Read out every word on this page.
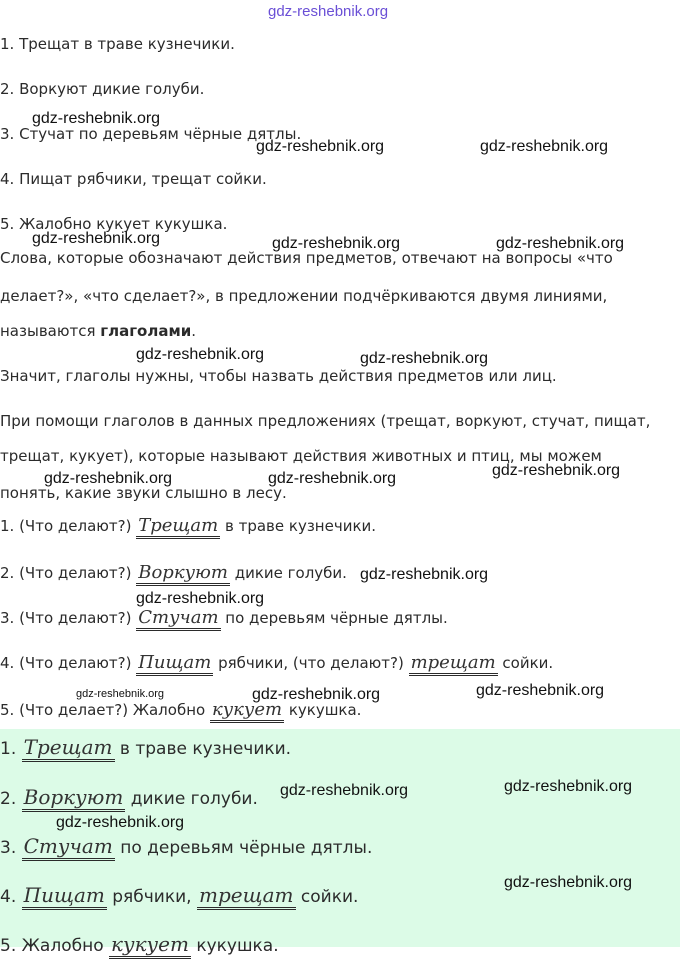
gdz-reshebnik.org
1. Трещат в траве кузнечики.
2. Воркуют дикие голуби.
3. Стучат по деревьям чёрные дятлы.
4. Пищат рябчики, трещат сойки.
5. Жалобно кукует кукушка.
Слова, которые обозначают действия предметов, отвечают на вопросы «что
делает?», «что сделает?», в предложении подчёркиваются двумя линиями,
называются глаголами.
Значит, глаголы нужны, чтобы назвать действия предметов или лиц.
При помощи глаголов в данных предложениях (трещат, воркуют, стучат, пищат,
трещат, кукует), которые называют действия животных и птиц, мы можем
понять, какие звуки слышно в лесу.
1. (Что делают?) Трещат в траве кузнечики.
2. (Что делают?) Воркуют дикие голуби.
3. (Что делают?) Стучат по деревьям чёрные дятлы.
4. (Что делают?) Пищат рябчики, (что делают?) трещат сойки.
5. (Что делает?) Жалобно кукует кукушка.
1. Трещат в траве кузнечики.
2. Воркуют дикие голуби.
3. Стучат по деревьям чёрные дятлы.
4. Пищат рябчики, трещат сойки.
5. Жалобно кукует кукушка.
gdz-reshebnik.org
gdz-reshebnik.org	gdz-reshebnik.org
gdz-reshebnik.org	gdz-reshebnik.org	gdz-reshebnik.org
gdz-reshebnik.org	gdz-reshebnik.org
gdz-reshebnik.org	gdz-reshebnik.org	gdz-reshebnik.org
gdz-reshebnik.org
gdz-reshebnik.org
gdz-reshebnik.org	gdz-reshebnik.org	gdz-reshebnik.org
gdz-reshebnik.org	gdz-reshebnik.org
gdz-reshebnik.org
gdz-reshebnik.org
